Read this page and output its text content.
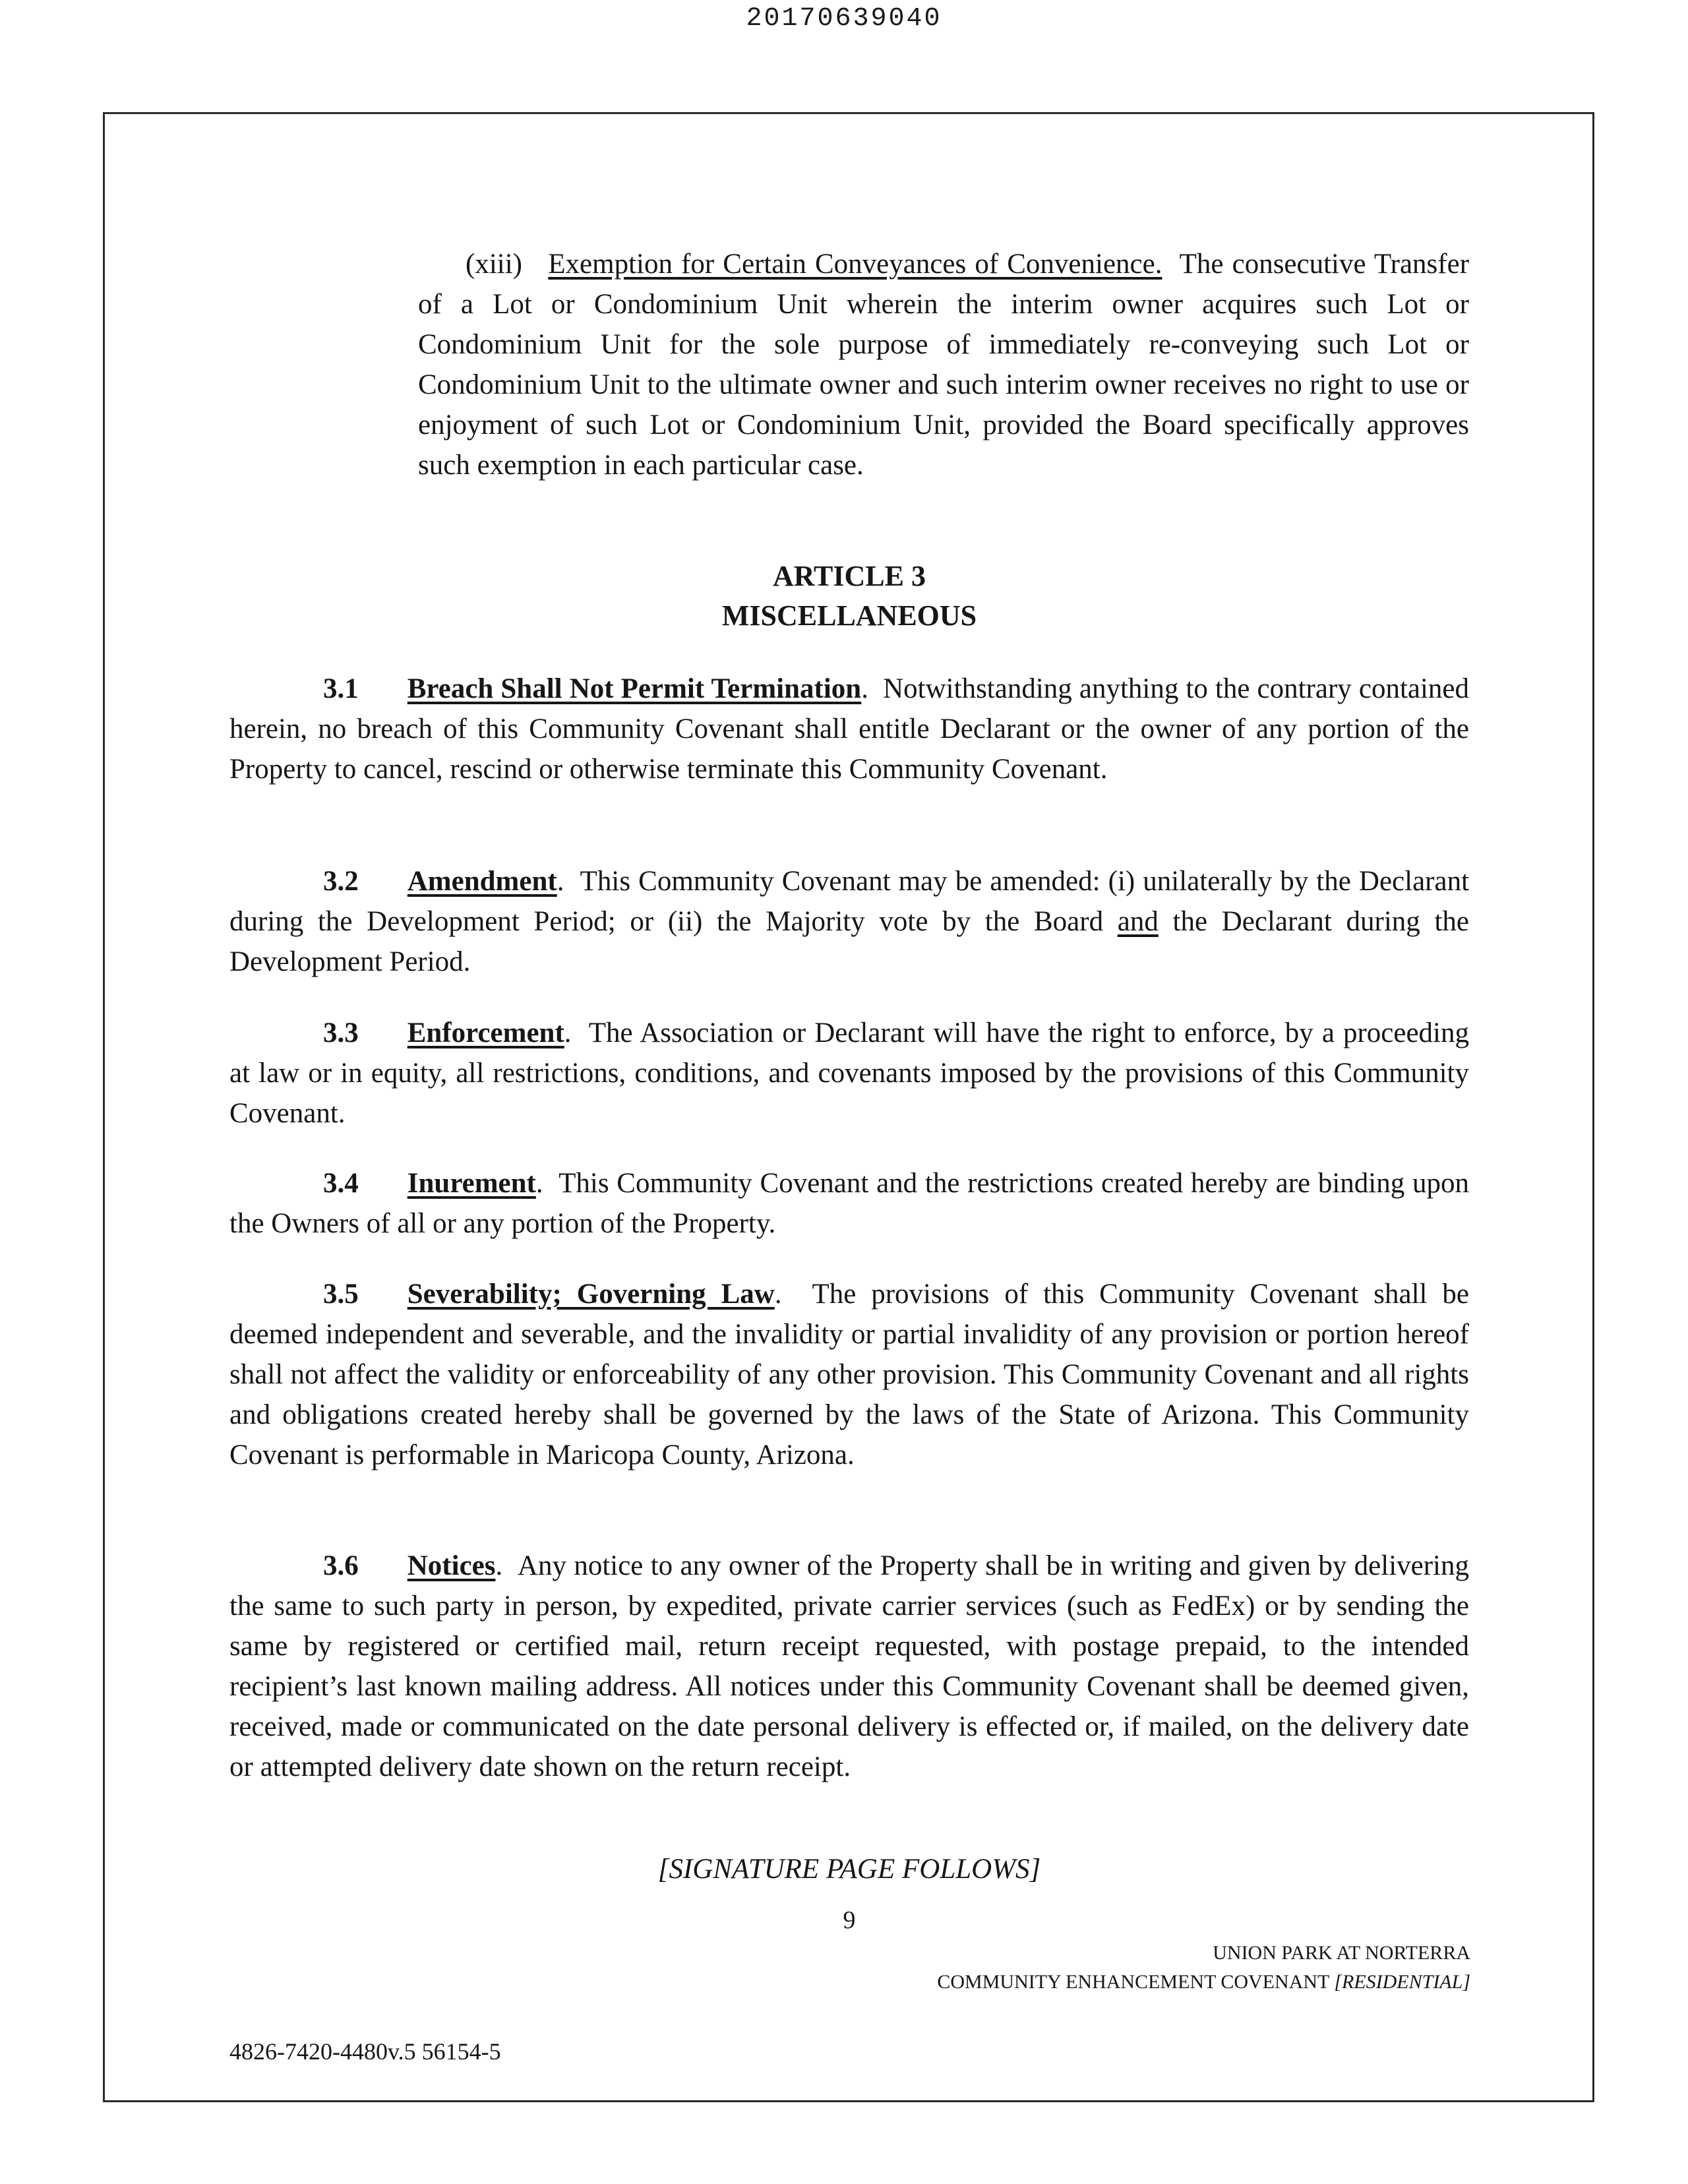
20170639040

(xiii) Exemption for Certain Conveyances of Convenience. The consecutive Transfer of a Lot or Condominium Unit wherein the interim owner acquires such Lot or Condominium Unit for the sole purpose of immediately re-conveying such Lot or Condominium Unit to the ultimate owner and such interim owner receives no right to use or enjoyment of such Lot or Condominium Unit, provided the Board specifically approves such exemption in each particular case.

ARTICLE 3
MISCELLANEOUS

3.1 Breach Shall Not Permit Termination.  Notwithstanding anything to the contrary contained herein, no breach of this Community Covenant shall entitle Declarant or the owner of any portion of the Property to cancel, rescind or otherwise terminate this Community Covenant.

3.2 Amendment.  This Community Covenant may be amended: (i) unilaterally by the Declarant during the Development Period; or (ii) the Majority vote by the Board and the Declarant during the Development Period.

3.3 Enforcement.  The Association or Declarant will have the right to enforce, by a proceeding at law or in equity, all restrictions, conditions, and covenants imposed by the provisions of this Community Covenant.

3.4 Inurement.  This Community Covenant and the restrictions created hereby are binding upon the Owners of all or any portion of the Property.

3.5 Severability; Governing Law.  The provisions of this Community Covenant shall be deemed independent and severable, and the invalidity or partial invalidity of any provision or portion hereof shall not affect the validity or enforceability of any other provision. This Community Covenant and all rights and obligations created hereby shall be governed by the laws of the State of Arizona. This Community Covenant is performable in Maricopa County, Arizona.

3.6 Notices.  Any notice to any owner of the Property shall be in writing and given by delivering the same to such party in person, by expedited, private carrier services (such as FedEx) or by sending the same by registered or certified mail, return receipt requested, with postage prepaid, to the intended recipient’s last known mailing address. All notices under this Community Covenant shall be deemed given, received, made or communicated on the date personal delivery is effected or, if mailed, on the delivery date or attempted delivery date shown on the return receipt.

[SIGNATURE PAGE FOLLOWS]

9

UNION PARK AT NORTERRA
COMMUNITY ENHANCEMENT COVENANT [RESIDENTIAL]

4826-7420-4480v.5 56154-5
